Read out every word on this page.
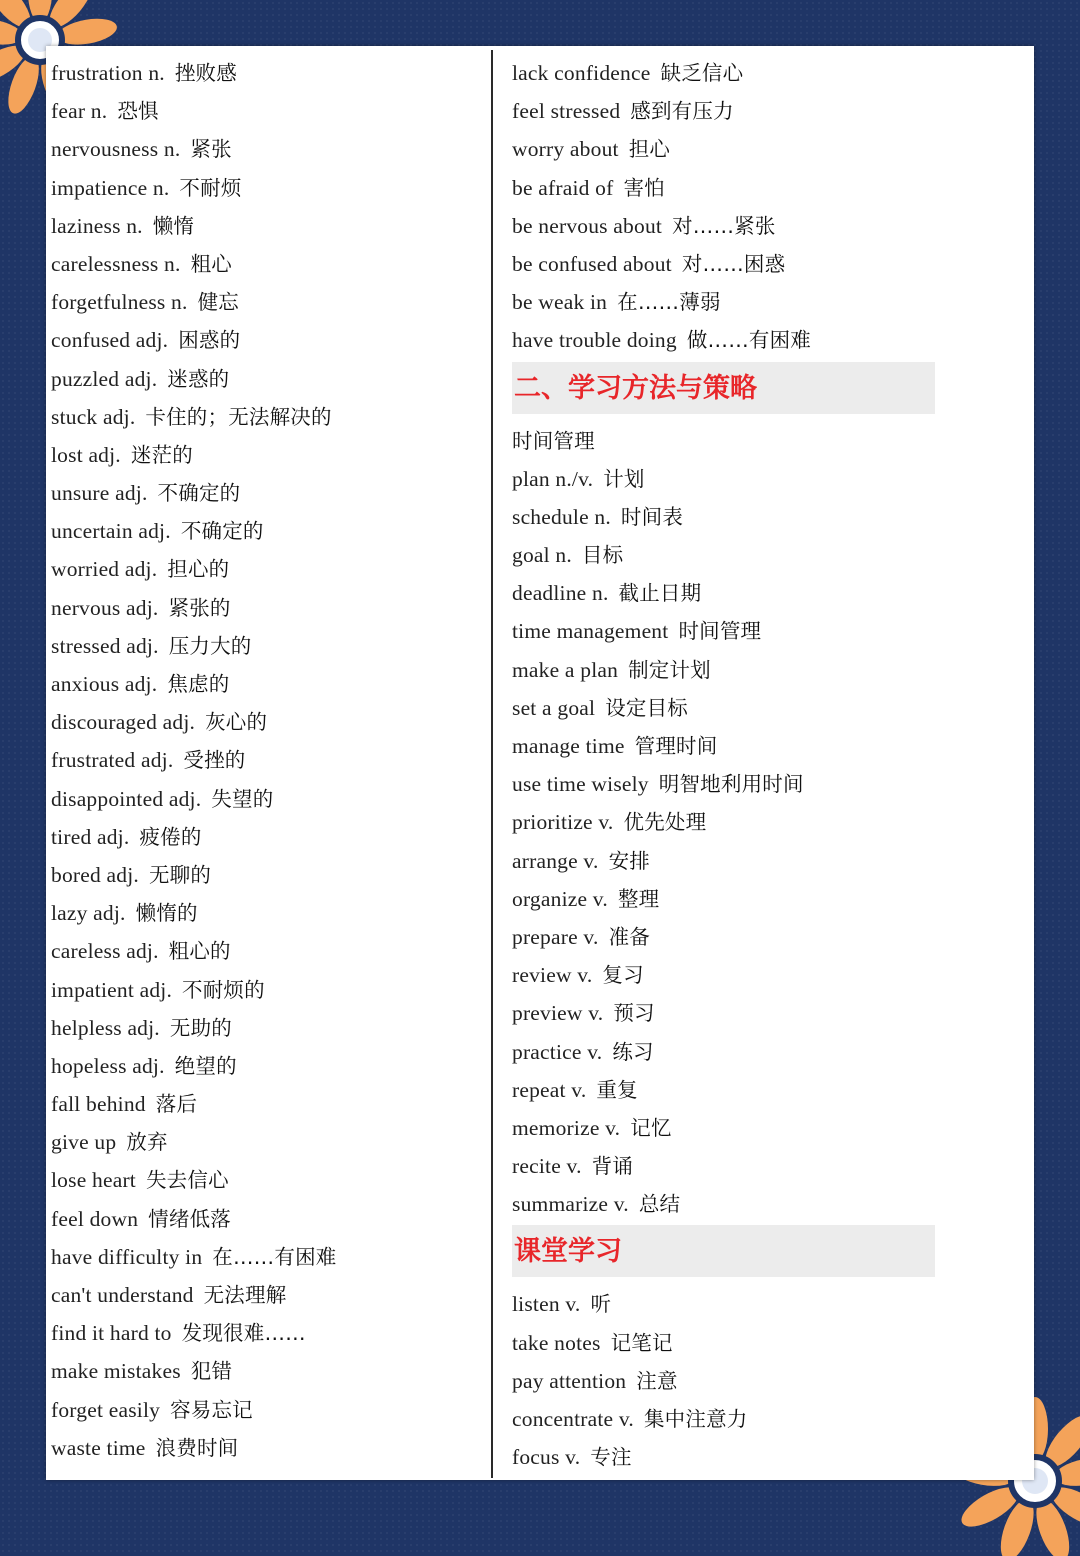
frustration n. 挫败感
fear n. 恐惧
nervousness n. 紧张
impatience n. 不耐烦
laziness n. 懒惰
carelessness n. 粗心
forgetfulness n. 健忘
confused adj. 困惑的
puzzled adj. 迷惑的
stuck adj. 卡住的；无法解决的
lost adj. 迷茫的
unsure adj. 不确定的
uncertain adj. 不确定的
worried adj. 担心的
nervous adj. 紧张的
stressed adj. 压力大的
anxious adj. 焦虑的
discouraged adj. 灰心的
frustrated adj. 受挫的
disappointed adj. 失望的
tired adj. 疲倦的
bored adj. 无聊的
lazy adj. 懒惰的
careless adj. 粗心的
impatient adj. 不耐烦的
helpless adj. 无助的
hopeless adj. 绝望的
fall behind 落后
give up 放弃
lose heart 失去信心
feel down 情绪低落
have difficulty in 在……有困难
can't understand 无法理解
find it hard to 发现很难……
make mistakes 犯错
forget easily 容易忘记
waste time 浪费时间
lack confidence 缺乏信心
feel stressed 感到有压力
worry about 担心
be afraid of 害怕
be nervous about 对……紧张
be confused about 对……困惑
be weak in 在……薄弱
have trouble doing 做……有困难
二、学习方法与策略
时间管理
plan n./v. 计划
schedule n. 时间表
goal n. 目标
deadline n. 截止日期
time management 时间管理
make a plan 制定计划
set a goal 设定目标
manage time 管理时间
use time wisely 明智地利用时间
prioritize v. 优先处理
arrange v. 安排
organize v. 整理
prepare v. 准备
review v. 复习
preview v. 预习
practice v. 练习
repeat v. 重复
memorize v. 记忆
recite v. 背诵
summarize v. 总结
课堂学习
listen v. 听
take notes 记笔记
pay attention 注意
concentrate v. 集中注意力
focus v. 专注
